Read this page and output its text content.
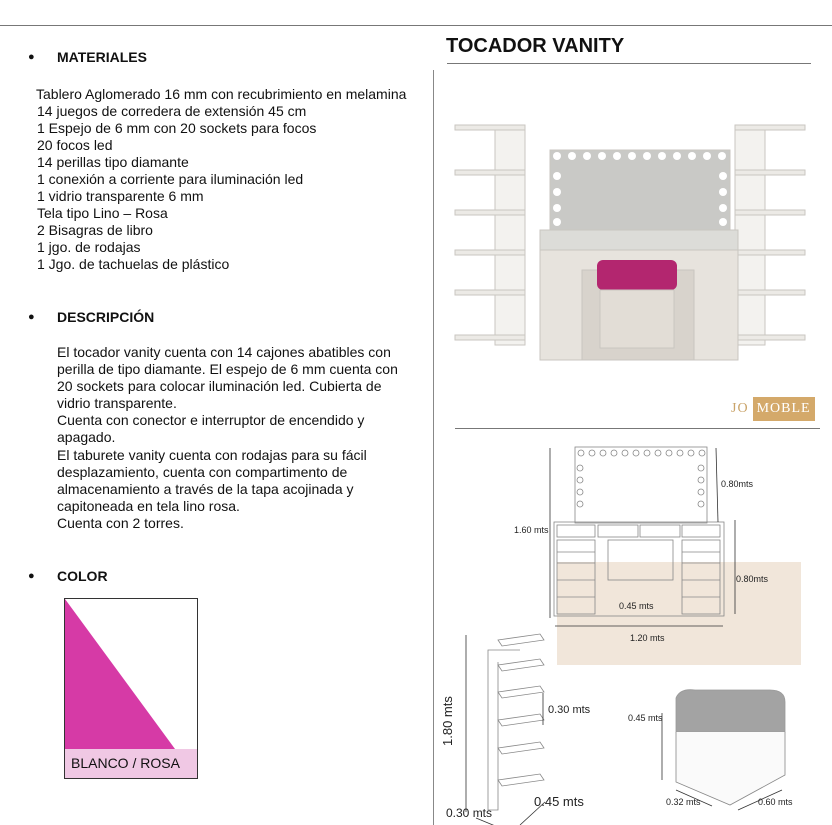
● MATERIALES
Tablero Aglomerado 16 mm con recubrimiento en melamina
14 juegos de corredera de extensión 45 cm
1 Espejo de 6 mm con 20 sockets para focos
20 focos led
14 perillas tipo diamante
1 conexión a corriente para iluminación led
1 vidrio transparente 6 mm
Tela tipo Lino – Rosa
2 Bisagras de libro
1 jgo. de rodajas
1 Jgo. de tachuelas de plástico
● DESCRIPCIÓN
El tocador vanity cuenta con 14 cajones abatibles con perilla de tipo diamante. El espejo de 6 mm cuenta con 20 sockets para colocar iluminación led. Cubierta de vidrio transparente.
Cuenta con conector e interruptor de encendido y apagado.
El taburete vanity cuenta con rodajas para su fácil desplazamiento, cuenta con compartimento de almacenamiento a través de la tapa acojinada y capitoneada en tela lino rosa.
Cuenta con 2 torres.
● COLOR
BLANCO / ROSA
TOCADOR VANITY
JO MOBLE
0.80mts
1.60 mts
0.80mts
0.45 mts
1.20 mts
1.80 mts	0.30 mts
0.45 mts
0.30 mts
0.45 mts
0.32 mts	0.60 mts
